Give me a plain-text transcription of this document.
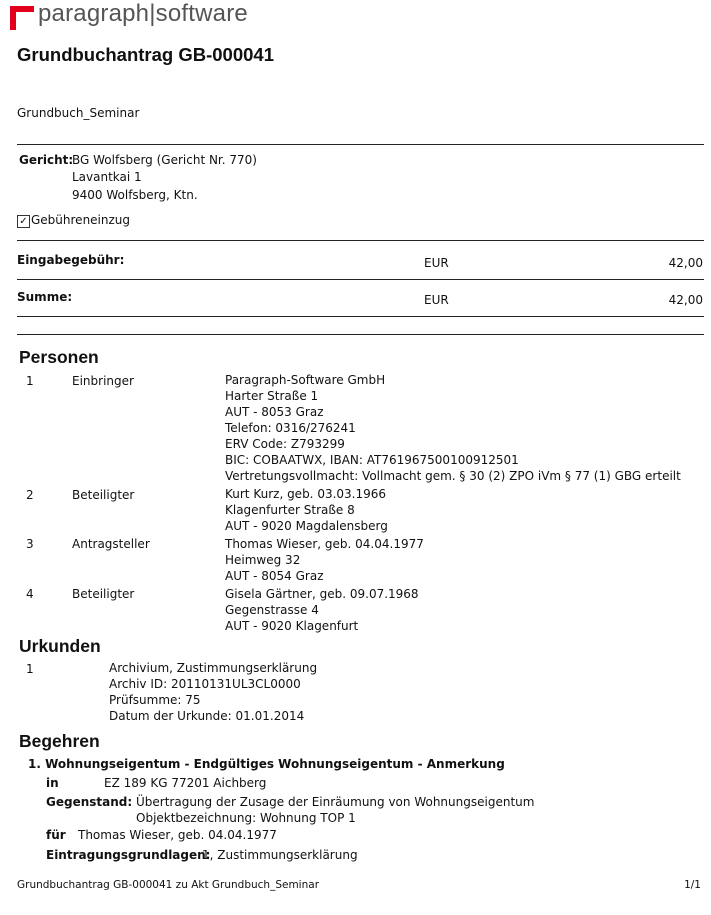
paragraph|software
Grundbuchantrag GB-000041
Grundbuch_Seminar
Gericht:
BG Wolfsberg (Gericht Nr. 770)
Lavantkai 1
9400 Wolfsberg, Ktn.
✓ Gebühreneinzug
Eingabegebühr:	EUR	42,00
Summe:	EUR	42,00
Personen
1	Einbringer	Paragraph-Software GmbH
Harter Straße 1
AUT - 8053 Graz
Telefon: 0316/276241
ERV Code: Z793299
BIC: COBAATWX, IBAN: AT761967500100912501
Vertretungsvollmacht: Vollmacht gem. § 30 (2) ZPO iVm § 77 (1) GBG erteilt
2	Beteiligter	Kurt Kurz, geb. 03.03.1966
Klagenfurter Straße 8
AUT - 9020 Magdalensberg
3	Antragsteller	Thomas Wieser, geb. 04.04.1977
Heimweg 32
AUT - 8054 Graz
4	Beteiligter	Gisela Gärtner, geb. 09.07.1968
Gegenstrasse 4
AUT - 9020 Klagenfurt
Urkunden
1	Archivium, Zustimmungserklärung
Archiv ID: 20110131UL3CL0000
Prüfsumme: 75
Datum der Urkunde: 01.01.2014
Begehren
1. Wohnungseigentum - Endgültiges Wohnungseigentum - Anmerkung
in	EZ 189 KG 77201 Aichberg
Gegenstand: Übertragung der Zusage der Einräumung von Wohnungseigentum
Objektbezeichnung: Wohnung TOP 1
für Thomas Wieser, geb. 04.04.1977
Eintragungsgrundlagen:
1, Zustimmungserklärung
Grundbuchantrag GB-000041 zu Akt Grundbuch_Seminar	1/1
